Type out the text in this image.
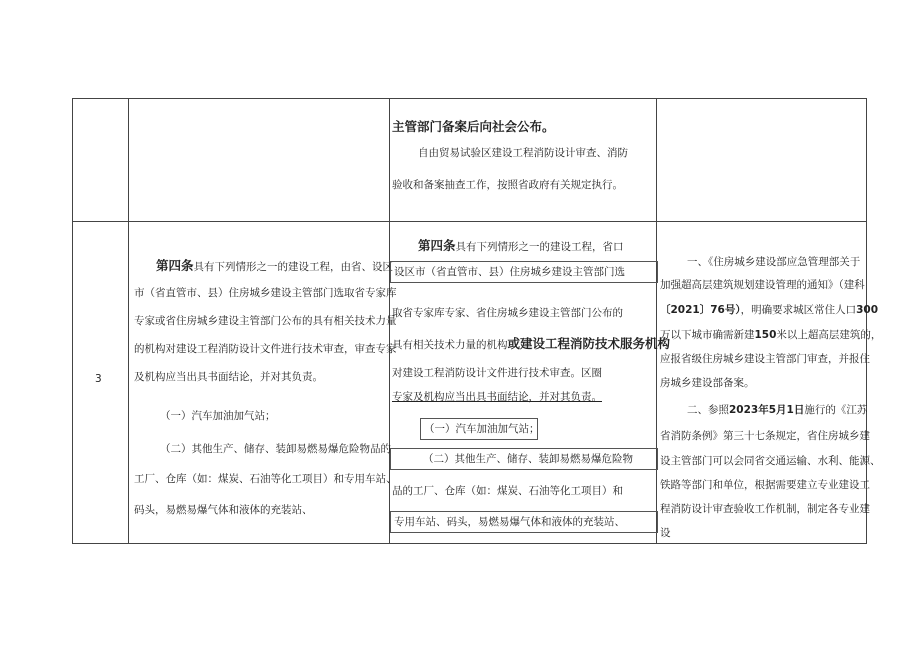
主管部门备案后向社会公布。
自由贸易试验区建设工程消防设计审查、消防
验收和备案抽查工作，按照省政府有关规定执行。
3
第四条具有下列情形之一的建设工程，由省、设区
市（省直管市、县）住房城乡建设主管部门选取省专家库
专家或省住房城乡建设主管部门公布的具有相关技术力量
的机构对建设工程消防设计文件进行技术审查，审查专家
及机构应当出具书面结论，并对其负责。
（一）汽车加油加气站；
（二）其他生产、储存、装卸易燃易爆危险物品的
工厂、仓库（如：煤炭、石油等化工项目）和专用车站、
码头，易燃易爆气体和液体的充装站、
第四条具有下列情形之一的建设工程，省口
设区市（省直管市、县）住房城乡建设主管部门选
取省专家库专家、省住房城乡建设主管部门公布的
具有相关技术力量的机构或建设工程消防技术服务机构
对建设工程消防设计文件进行技术审查。区圈
专家及机构应当出具书面结论，并对其负责。
（一）汽车加油加气站；
（二）其他生产、储存、装卸易燃易爆危险物
品的工厂、仓库（如：煤炭、石油等化工项目）和
专用车站、码头，易燃易爆气体和液体的充装站、
一、《住房城乡建设部应急管理部关于
加强超高层建筑规划建设管理的通知》（建科
〔2021〕76号），明确要求城区常住人口300
万以下城市确需新建150米以上超高层建筑的，
应报省级住房城乡建设主管部门审查，并报住
房城乡建设部备案。
二、参照2023年5月1日施行的《江苏
省消防条例》第三十七条规定，省住房城乡建
设主管部门可以会同省交通运输、水利、能源、
铁路等部门和单位，根据需要建立专业建设工
程消防设计审查验收工作机制，制定各专业建
设
